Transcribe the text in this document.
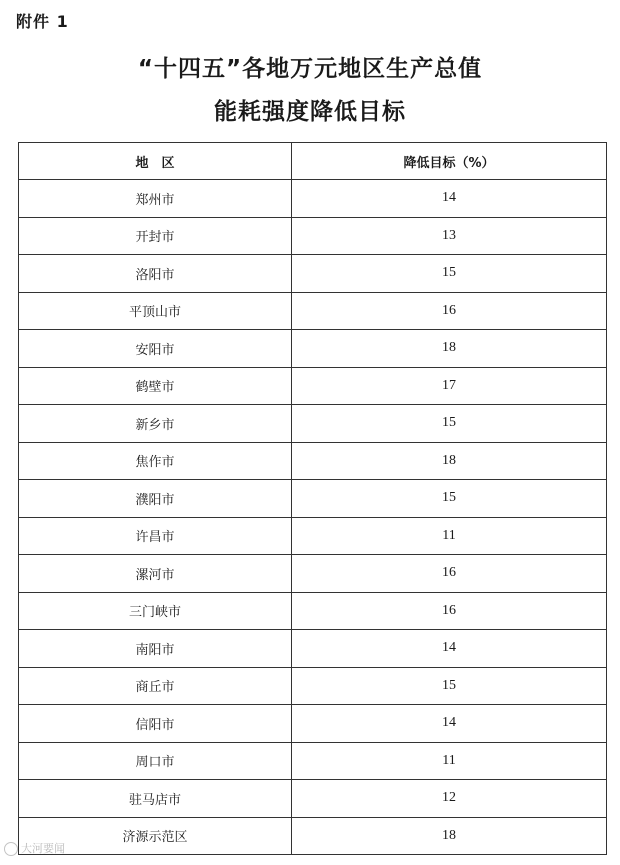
附件 1
“十四五”各地万元地区生产总值
能耗强度降低目标
地　区	降低目标（%）
郑州市	14
开封市	13
洛阳市	15
平顶山市	16
安阳市	18
鹤壁市	17
新乡市	15
焦作市	18
濮阳市	15
许昌市	11
漯河市	16
三门峡市	16
南阳市	14
商丘市	15
信阳市	14
周口市	11
驻马店市	12
济源示范区	18
大河要闻
